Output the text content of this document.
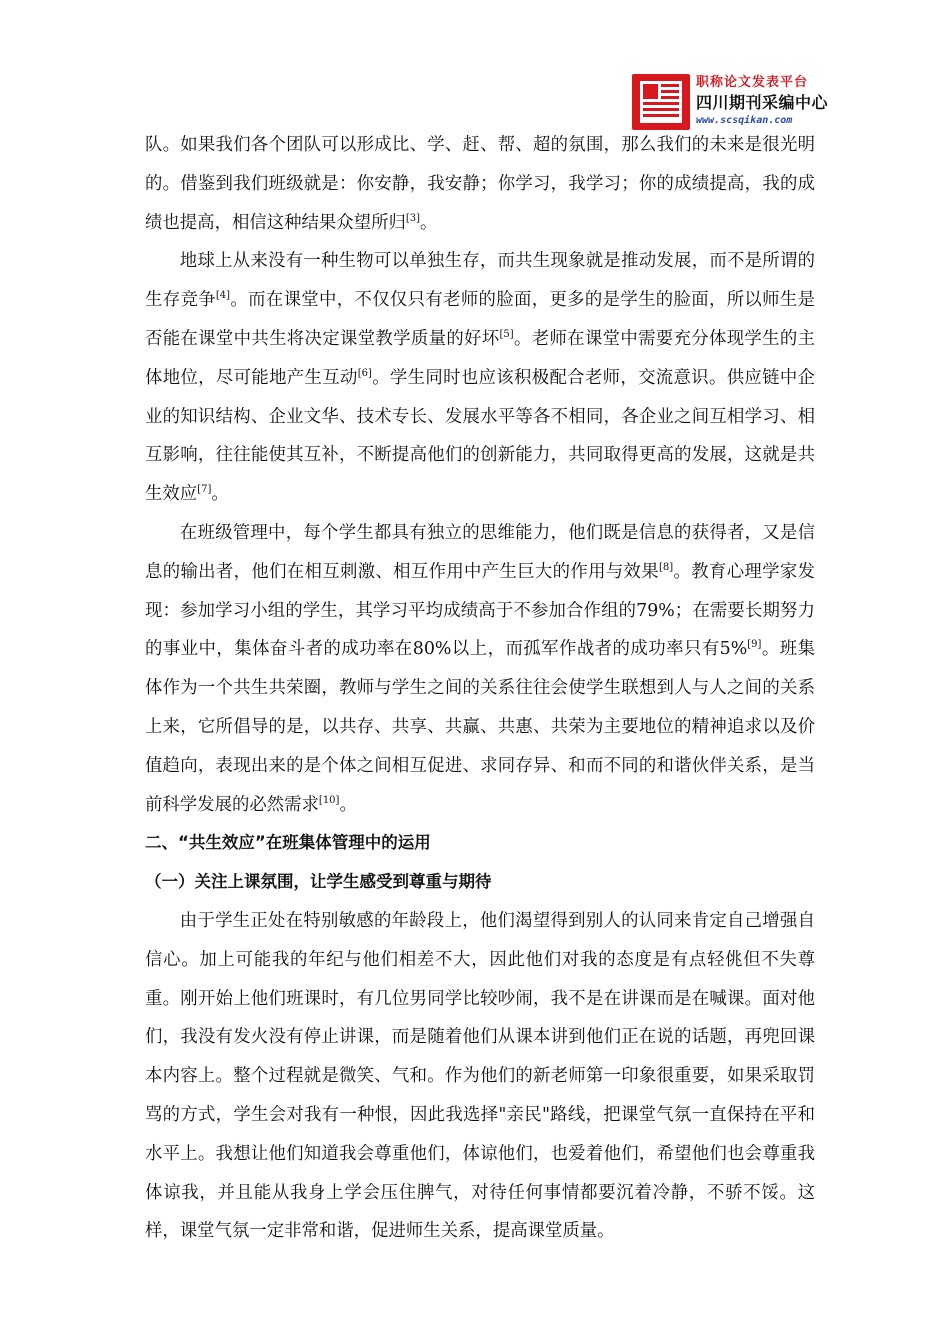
职称论文发表平台
四川期刊采编中心
www.scsqikan.com

队。如果我们各个团队可以形成比、学、赶、帮、超的氛围，那么我们的未来是很光明的。借鉴到我们班级就是：你安静，我安静；你学习，我学习；你的成绩提高，我的成绩也提高，相信这种结果众望所归[3]。

地球上从来没有一种生物可以单独生存，而共生现象就是推动发展，而不是所谓的生存竞争[4]。而在课堂中，不仅仅只有老师的脸面，更多的是学生的脸面，所以师生是否能在课堂中共生将决定课堂教学质量的好坏[5]。老师在课堂中需要充分体现学生的主体地位，尽可能地产生互动[6]。学生同时也应该积极配合老师，交流意识。供应链中企业的知识结构、企业文华、技术专长、发展水平等各不相同，各企业之间互相学习、相互影响，往往能使其互补，不断提高他们的创新能力，共同取得更高的发展，这就是共生效应[7]。

在班级管理中，每个学生都具有独立的思维能力，他们既是信息的获得者，又是信息的输出者，他们在相互刺激、相互作用中产生巨大的作用与效果[8]。教育心理学家发现：参加学习小组的学生，其学习平均成绩高于不参加合作组的79%；在需要长期努力的事业中，集体奋斗者的成功率在80%以上，而孤军作战者的成功率只有5%[9]。班集体作为一个共生共荣圈，教师与学生之间的关系往往会使学生联想到人与人之间的关系上来，它所倡导的是，以共存、共享、共赢、共惠、共荣为主要地位的精神追求以及价值趋向，表现出来的是个体之间相互促进、求同存异、和而不同的和谐伙伴关系，是当前科学发展的必然需求[10]。

二、“共生效应”在班集体管理中的运用
（一）关注上课氛围，让学生感受到尊重与期待

由于学生正处在特别敏感的年龄段上，他们渴望得到别人的认同来肯定自己增强自信心。加上可能我的年纪与他们相差不大，因此他们对我的态度是有点轻佻但不失尊重。刚开始上他们班课时，有几位男同学比较吵闹，我不是在讲课而是在喊课。面对他们，我没有发火没有停止讲课，而是随着他们从课本讲到他们正在说的话题，再兜回课本内容上。整个过程就是微笑、气和。作为他们的新老师第一印象很重要，如果采取罚骂的方式，学生会对我有一种恨，因此我选择"亲民"路线，把课堂气氛一直保持在平和水平上。我想让他们知道我会尊重他们，体谅他们，也爱着他们，希望他们也会尊重我体谅我，并且能从我身上学会压住脾气，对待任何事情都要沉着冷静，不骄不馁。这样，课堂气氛一定非常和谐，促进师生关系，提高课堂质量。
